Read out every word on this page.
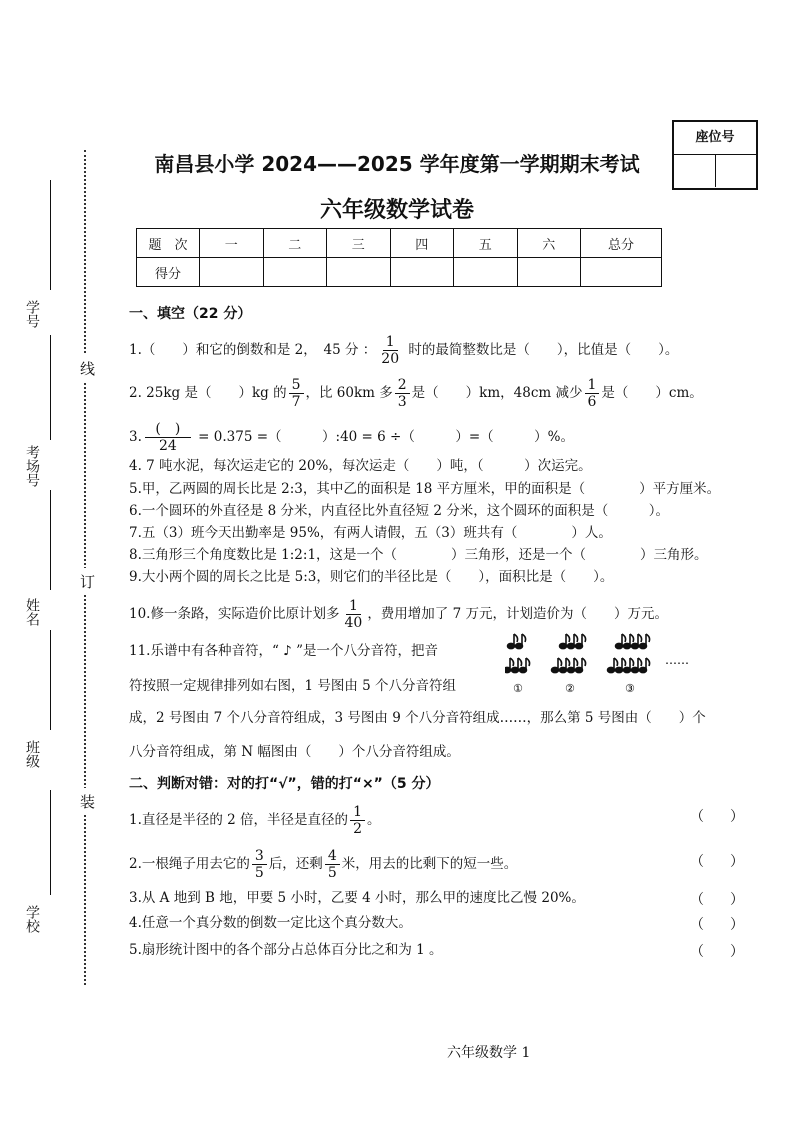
学号
考场号
姓名
班级
学校
线
订
装
座位号
南昌县小学 2024——2025 学年度第一学期期末考试
六年级数学试卷
题　次	一	二	三	四	五	六	总分
得分							
一、填空（22 分）
1.（　　）和它的倒数和是 2，　45 分 ： $\frac{1}{20}$ 时的最简整数比是（　　），比值是（　　）。
2. 25kg 是（　　）kg 的 $\frac{5}{7}$ ，比 60km 多 $\frac{2}{3}$ 是（　　）km，48cm 减少 $\frac{1}{6}$ 是（　　）cm。
3. $\frac{( )}{24} = 0.375$ =（　　　）:40 = 6 ÷（　　　）=（　　　）%。
4. 7 吨水泥，每次运走它的 20%，每次运走（　　）吨，（　　　）次运完。
5.甲，乙两圆的周长比是 2:3，其中乙的面积是 18 平方厘米，甲的面积是（　　　　）平方厘米。
6.一个圆环的外直径是 8 分米，内直径比外直径短 2 分米，这个圆环的面积是（　　　）。
7.五（3）班今天出勤率是 95%，有两人请假，五（3）班共有（　　　　）人。
8.三角形三个角度数比是 1:2:1，这是一个（　　　　）三角形，还是一个（　　　　）三角形。
9.大小两个圆的周长之比是 5:3，则它们的半径比是（　　），面积比是（　　）。
10.修一条路，实际造价比原计划多 $\frac{1}{40}$ ，费用增加了 7 万元，计划造价为（　　）万元。
11.乐谱中有各种音符，“ ♪ ”是一个八分音符，把音
符按照一定规律排列如右图，1 号图由 5 个八分音符组
成，2 号图由 7 个八分音符组成，3 号图由 9 个八分音符组成……，那么第 5 号图由（　　）个
八分音符组成，第 N 幅图由（　　）个八分音符组成。
①	②	③
……
二、判断对错：对的打“√”，错的打“×”（5 分）
1.直径是半径的 2 倍，半径是直径的 $\frac{1}{2}$ 。	（ ）
2.一根绳子用去它的 $\frac{3}{5}$ 后，还剩 $\frac{4}{5}$ 米，用去的比剩下的短一些。	（ ）
3.从 A 地到 B 地，甲要 5 小时，乙要 4 小时，那么甲的速度比乙慢 20%。	（ ）
4.任意一个真分数的倒数一定比这个真分数大。	（ ）
5.扇形统计图中的各个部分占总体百分比之和为 1 。	（ ）
六年级数学 1
